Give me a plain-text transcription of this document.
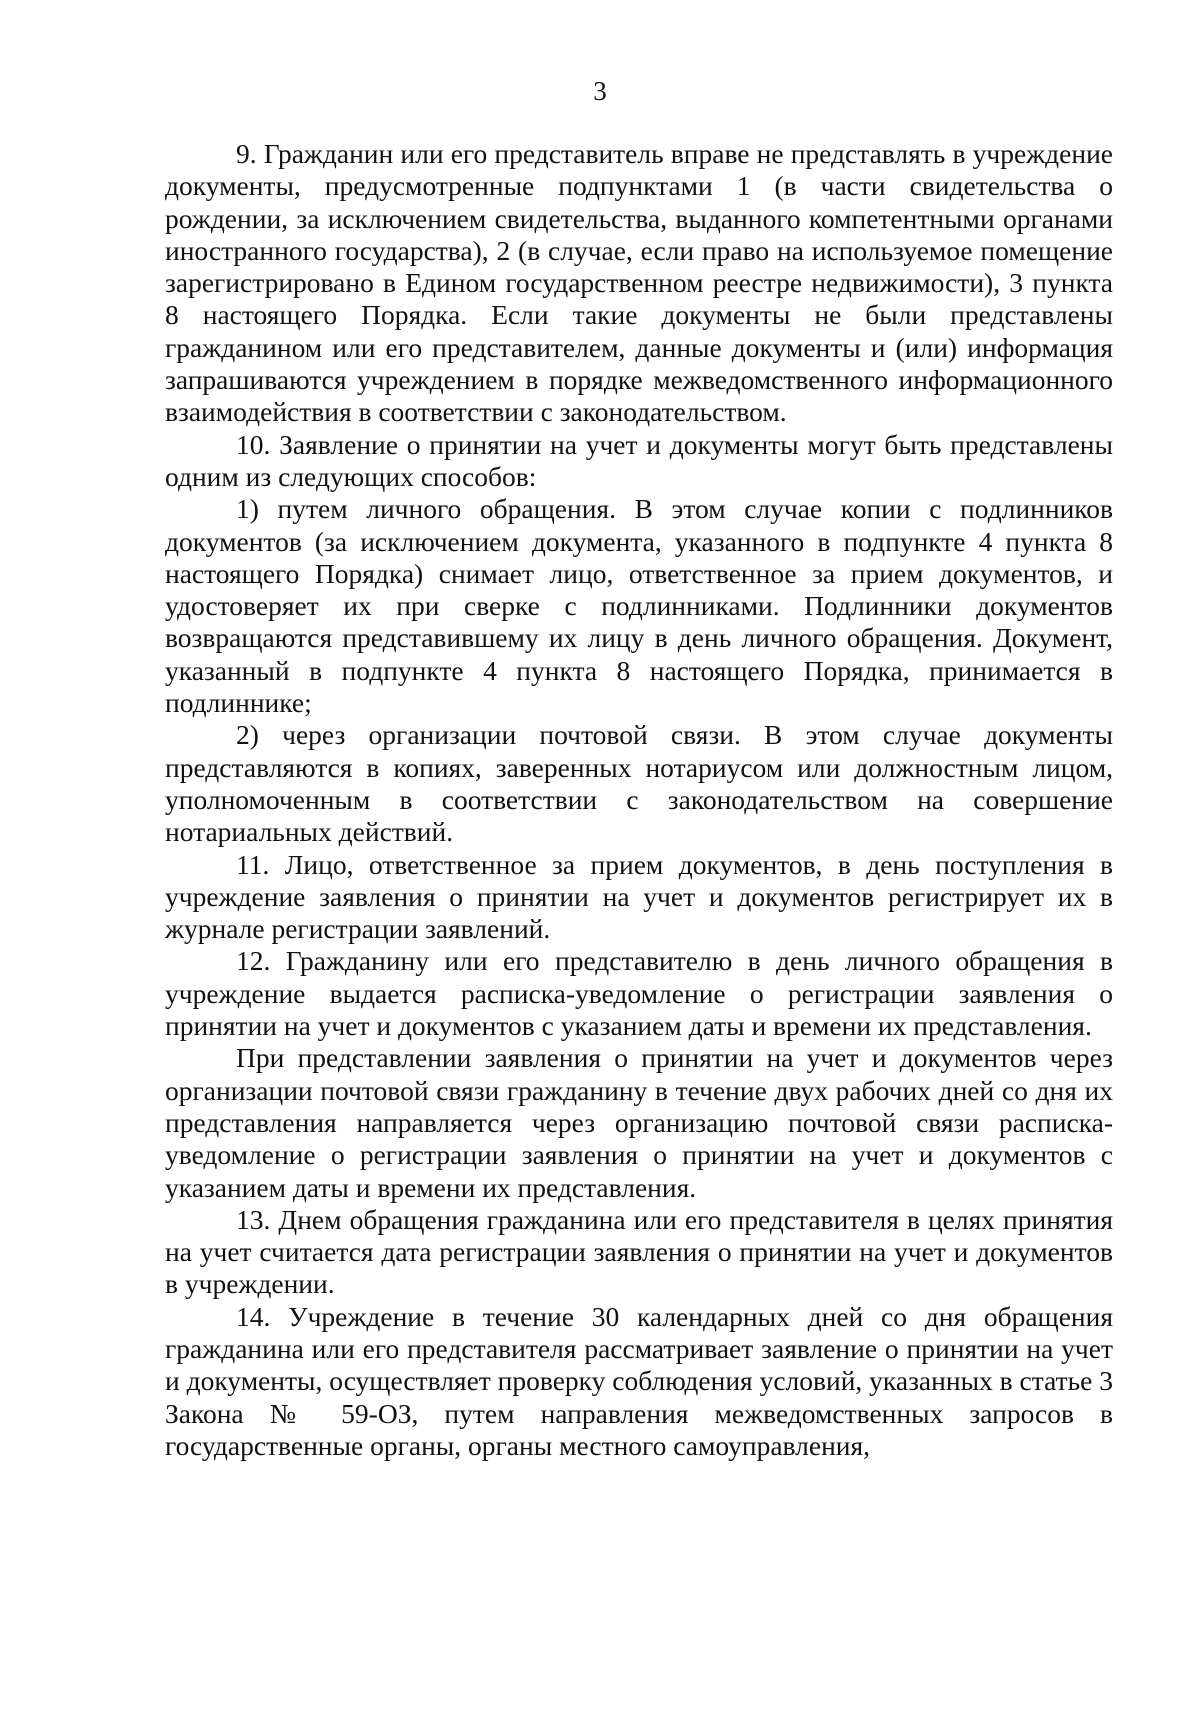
3

9. Гражданин или его представитель вправе не представлять в учреждение документы, предусмотренные подпунктами 1 (в части свидетельства о рождении, за исключением свидетельства, выданного компетентными органами иностранного государства), 2 (в случае, если право на используемое помещение зарегистрировано в Едином государственном реестре недвижимости), 3 пункта 8 настоящего Порядка. Если такие документы не были представлены гражданином или его представителем, данные документы и (или) информация запрашиваются учреждением в порядке межведомственного информационного взаимодействия в соответствии с законодательством.

10. Заявление о принятии на учет и документы могут быть представлены одним из следующих способов:

1) путем личного обращения. В этом случае копии с подлинников документов (за исключением документа, указанного в подпункте 4 пункта 8 настоящего Порядка) снимает лицо, ответственное за прием документов, и удостоверяет их при сверке с подлинниками. Подлинники документов возвращаются представившему их лицу в день личного обращения. Документ, указанный в подпункте 4 пункта 8 настоящего Порядка, принимается в подлиннике;

2) через организации почтовой связи. В этом случае документы представляются в копиях, заверенных нотариусом или должностным лицом, уполномоченным в соответствии с законодательством на совершение нотариальных действий.

11. Лицо, ответственное за прием документов, в день поступления в учреждение заявления о принятии на учет и документов регистрирует их в журнале регистрации заявлений.

12. Гражданину или его представителю в день личного обращения в учреждение выдается расписка-уведомление о регистрации заявления о принятии на учет и документов с указанием даты и времени их представления.

При представлении заявления о принятии на учет и документов через организации почтовой связи гражданину в течение двух рабочих дней со дня их представления направляется через организацию почтовой связи расписка-уведомление о регистрации заявления о принятии на учет и документов с указанием даты и времени их представления.

13. Днем обращения гражданина или его представителя в целях принятия на учет считается дата регистрации заявления о принятии на учет и документов в учреждении.

14. Учреждение в течение 30 календарных дней со дня обращения гражданина или его представителя рассматривает заявление о принятии на учет и документы, осуществляет проверку соблюдения условий, указанных в статье 3 Закона № 59-ОЗ, путем направления межведомственных запросов в государственные органы, органы местного самоуправления,
